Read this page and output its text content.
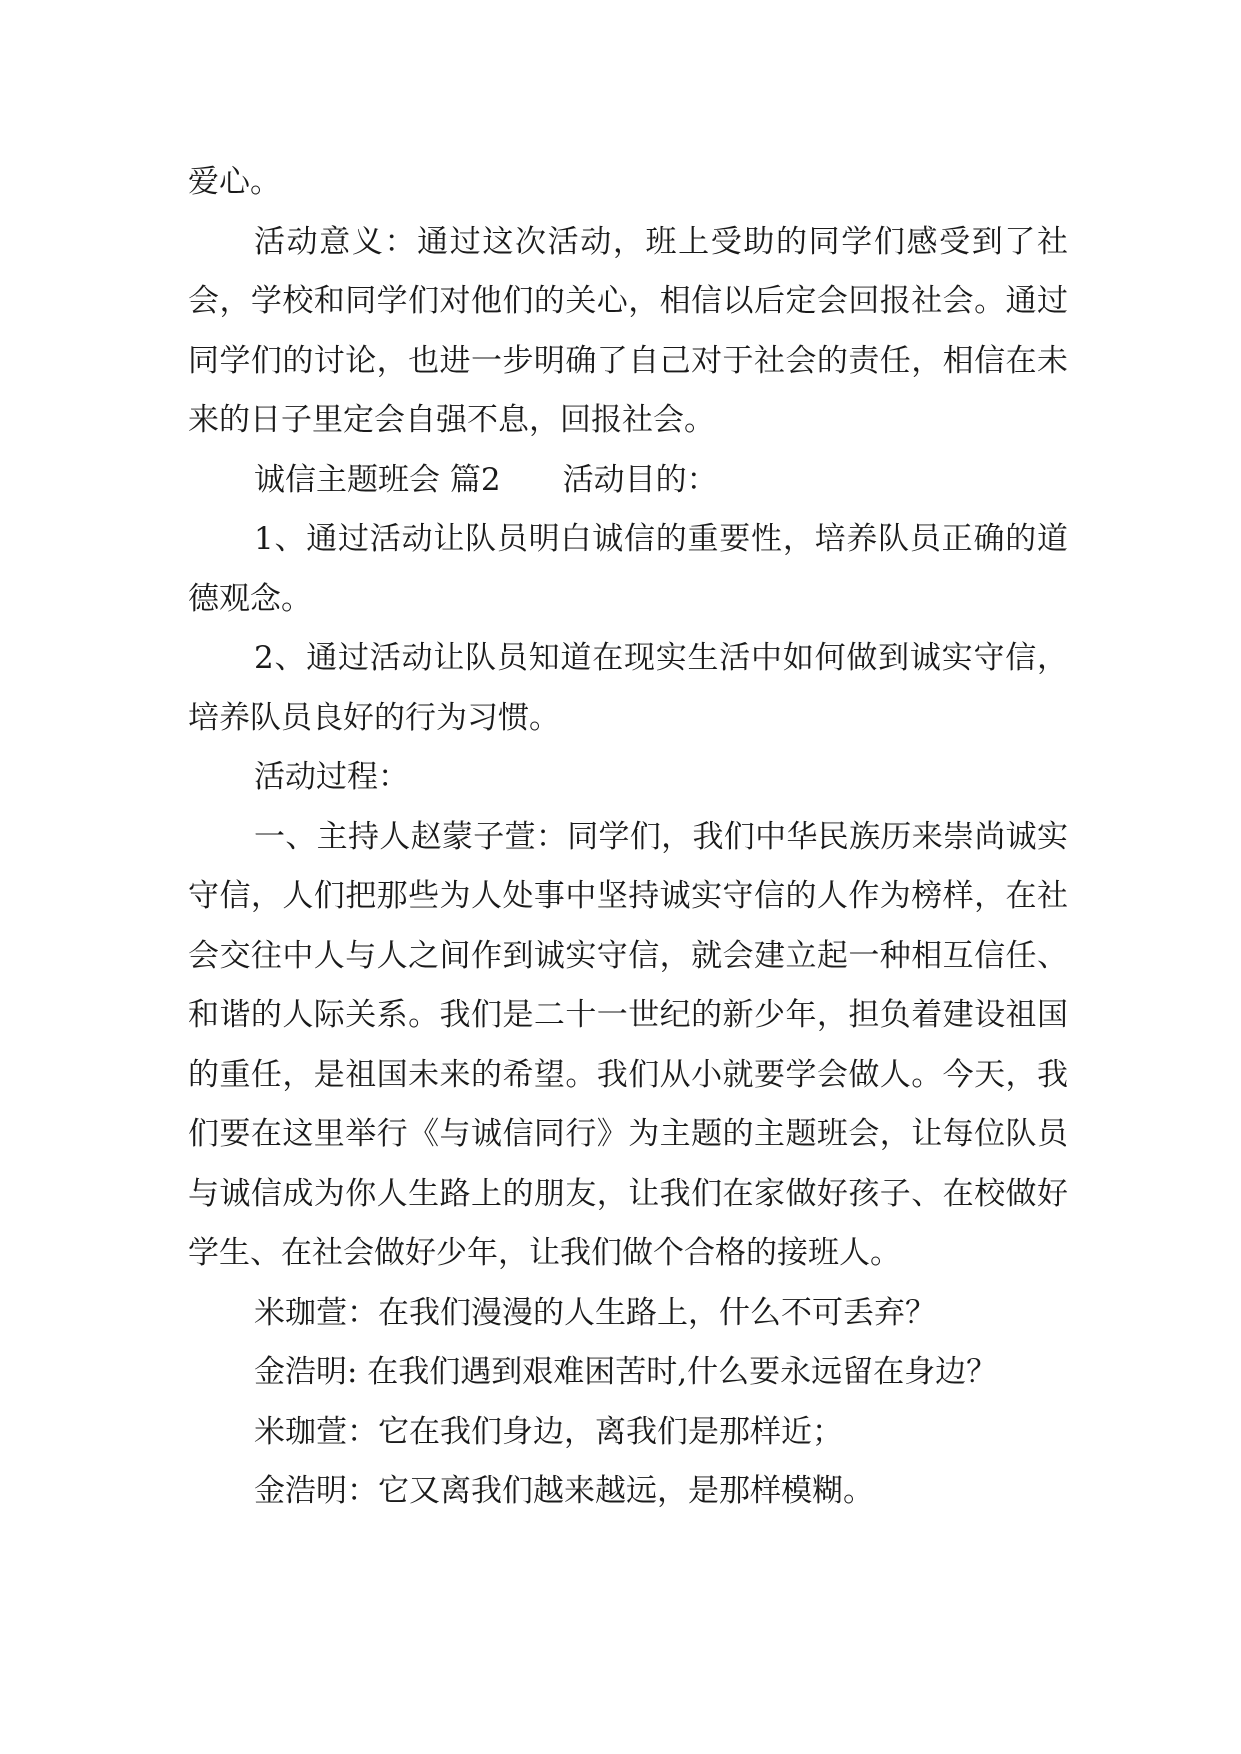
爱心。

活动意义：通过这次活动，班上受助的同学们感受到了社会，学校和同学们对他们的关心，相信以后定会回报社会。通过同学们的讨论，也进一步明确了自己对于社会的责任，相信在未来的日子里定会自强不息，回报社会。

诚信主题班会 篇2 活动目的：

1、通过活动让队员明白诚信的重要性，培养队员正确的道德观念。

2、通过活动让队员知道在现实生活中如何做到诚实守信，培养队员良好的行为习惯。

活动过程：

一、主持人赵蒙子萱：同学们，我们中华民族历来崇尚诚实守信，人们把那些为人处事中坚持诚实守信的人作为榜样，在社会交往中人与人之间作到诚实守信，就会建立起一种相互信任、和谐的人际关系。我们是二十一世纪的新少年，担负着建设祖国的重任，是祖国未来的希望。我们从小就要学会做人。今天，我们要在这里举行《与诚信同行》为主题的主题班会，让每位队员与诚信成为你人生路上的朋友，让我们在家做好孩子、在校做好学生、在社会做好少年，让我们做个合格的接班人。

米珈萱：在我们漫漫的人生路上，什么不可丢弃？

金浩明: 在我们遇到艰难困苦时,什么要永远留在身边？

米珈萱：它在我们身边，离我们是那样近；

金浩明：它又离我们越来越远，是那样模糊。
